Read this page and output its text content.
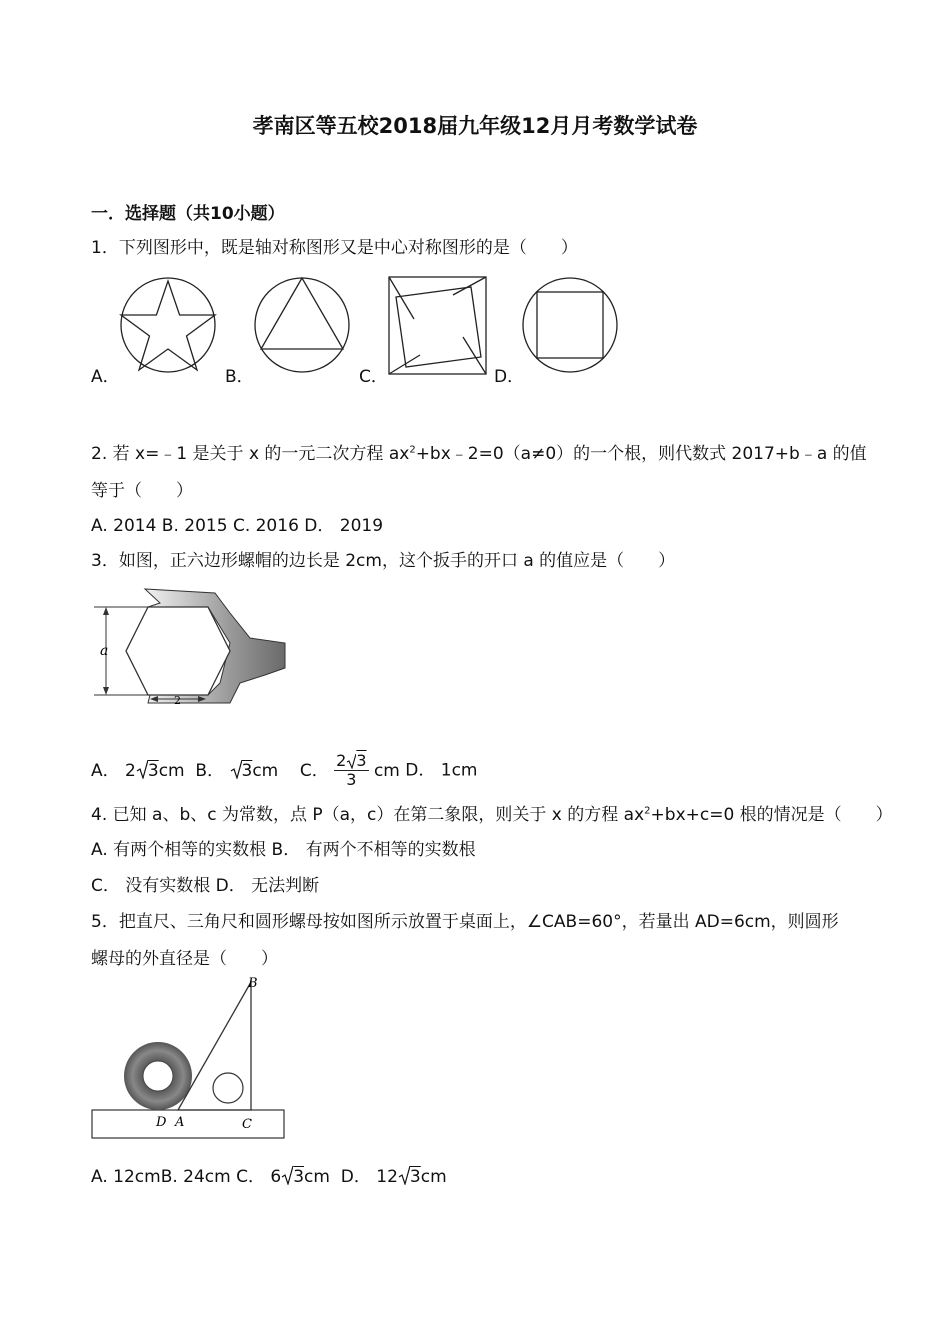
孝南区等五校2018届九年级12月月考数学试卷
一．选择题（共10小题）
1．下列图形中，既是轴对称图形又是中心对称图形的是（　　）
A．	B．	C．	D．
2. 若 x=﹣1 是关于 x 的一元二次方程 $ax^2+bx﹣2=0(a\ne 0)$的一个根，则代数式 2017+b﹣a 的值
等于（　　）
A. 2014 B. 2015 C. 2016 D． 2019
3．如图，正六边形螺帽的边长是 2cm，这个扳手的开口 a 的值应是（　　）
a
2
A． 2 3cm B． 3cm C． $\frac{2 3}{3}$ cm D． 1cm
4. 已知 a、b、c 为常数，点 P（a，c）在第二象限，则关于 x 的方程 $ax^2+bx+c=0$ 根的情况是（　　）
A. 有两个相等的实数根 B． 有两个不相等的实数根
C． 没有实数根 D． 无法判断
5．把直尺、三角尺和圆形螺母按如图所示放置于桌面上，∠CAB=60°，若量出 AD=6cm，则圆形
螺母的外直径是（　　）
B
D A	C
A. 12cmB. 24cm C． 6 3cm D． 12 3cm
